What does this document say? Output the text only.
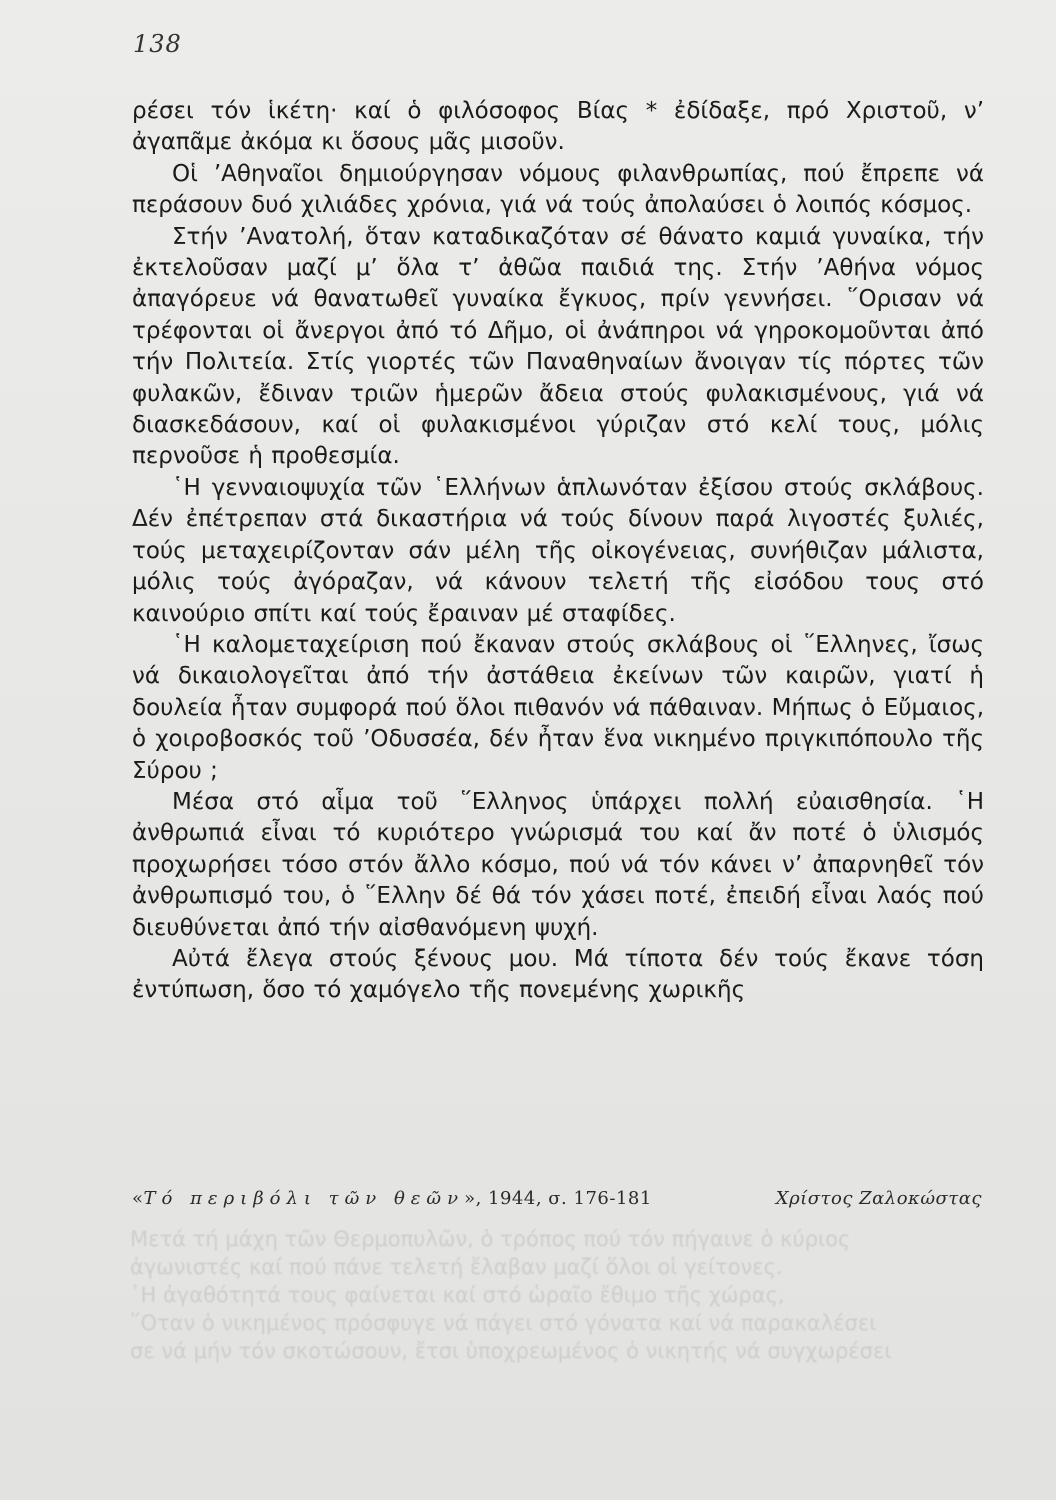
Μετά τή μάχη τῶν Θερμοπυλῶν, ὁ τρόπος πού τόν πήγαινε ὁ κύριος
ἀγωνιστές καί πού πάνε τελετή ἔλαβαν μαζί ὅλοι οἱ γείτονες.
῾Η ἀγαθότητά τους φαίνεται καί στό ὡραῖο ἔθιμο τῆς χώρας,
῞Οταν ὁ νικημένος πρόσφυγε νά πάγει στό γόνατα καί νά παρακαλέσει
σε νά μήν τόν σκοτώσουν, ἔτσι ὑποχρεωμένος ὁ νικητής νά συγχωρέσει
138

ρέσει τόν ἱκέτη· καί ὁ φιλόσοφος Βίας * ἐδίδαξε, πρό Χριστοῦ, ν’ ἀγαπᾶμε ἀκόμα κι ὅσους μᾶς μισοῦν.

Οἱ ’Αθηναῖοι δημιούργησαν νόμους φιλανθρωπίας, πού ἔπρεπε νά περάσουν δυό χιλιάδες χρόνια, γιά νά τούς ἀπολαύσει ὁ λοιπός κόσμος.

Στήν ’Ανατολή, ὅταν καταδικαζόταν σέ θάνατο καμιά γυναίκα, τήν ἐκτελοῦσαν μαζί μ’ ὅλα τ’ ἀθῶα παιδιά της. Στήν ’Αθήνα νόμος ἀπαγόρευε νά θανατωθεῖ γυναίκα ἔγκυος, πρίν γεννήσει. ῞Ορισαν νά τρέφονται οἱ ἄνεργοι ἀπό τό Δῆμο, οἱ ἀνάπηροι νά γηροκομοῦνται ἀπό τήν Πολιτεία. Στίς γιορτές τῶν Παναθηναίων ἄνοιγαν τίς πόρτες τῶν φυλακῶν, ἔδιναν τριῶν ἡμερῶν ἄδεια στούς φυλακισμένους, γιά νά διασκεδάσουν, καί οἱ φυλακισμένοι γύριζαν στό κελί τους, μόλις περνοῦσε ἡ προθεσμία.

῾Η γενναιοψυχία τῶν ῾Ελλήνων ἁπλωνόταν ἐξίσου στούς σκλάβους. Δέν ἐπέτρεπαν στά δικαστήρια νά τούς δίνουν παρά λιγοστές ξυλιές, τούς μεταχειρίζονταν σάν μέλη τῆς οἰκογένειας, συνήθιζαν μάλιστα, μόλις τούς ἀγόραζαν, νά κάνουν τελετή τῆς εἰσόδου τους στό καινούριο σπίτι καί τούς ἔραιναν μέ σταφίδες.

῾Η καλομεταχείριση πού ἔκαναν στούς σκλάβους οἱ ῞Ελληνες, ἴσως νά δικαιολογεῖται ἀπό τήν ἀστάθεια ἐκείνων τῶν καιρῶν, γιατί ἡ δουλεία ἦταν συμφορά πού ὅλοι πιθανόν νά πάθαιναν. Μήπως ὁ Εὔμαιος, ὁ χοιροβοσκός τοῦ ’Οδυσσέα, δέν ἦταν ἕνα νικημένο πριγκιπόπουλο τῆς Σύρου ;

Μέσα στό αἷμα τοῦ ῞Ελληνος ὑπάρχει πολλή εὐαισθησία. ῾Η ἀνθρωπιά εἶναι τό κυριότερο γνώρισμά του καί ἄν ποτέ ὁ ὑλισμός προχωρήσει τόσο στόν ἄλλο κόσμο, πού νά τόν κάνει ν’ ἀπαρνηθεῖ τόν ἀνθρωπισμό του, ὁ ῞Ελλην δέ θά τόν χάσει ποτέ, ἐπειδή εἶναι λαός πού διευθύνεται ἀπό τήν αἰσθανόμενη ψυχή.

Αὐτά ἔλεγα στούς ξένους μου. Μά τίποτα δέν τούς ἔκανε τόση ἐντύπωση, ὅσο τό χαμόγελο τῆς πονεμένης χωρικῆς

«Τό περιβόλι τῶν θεῶν», 1944, σ. 176-181	Χρίστος Ζαλοκώστας
